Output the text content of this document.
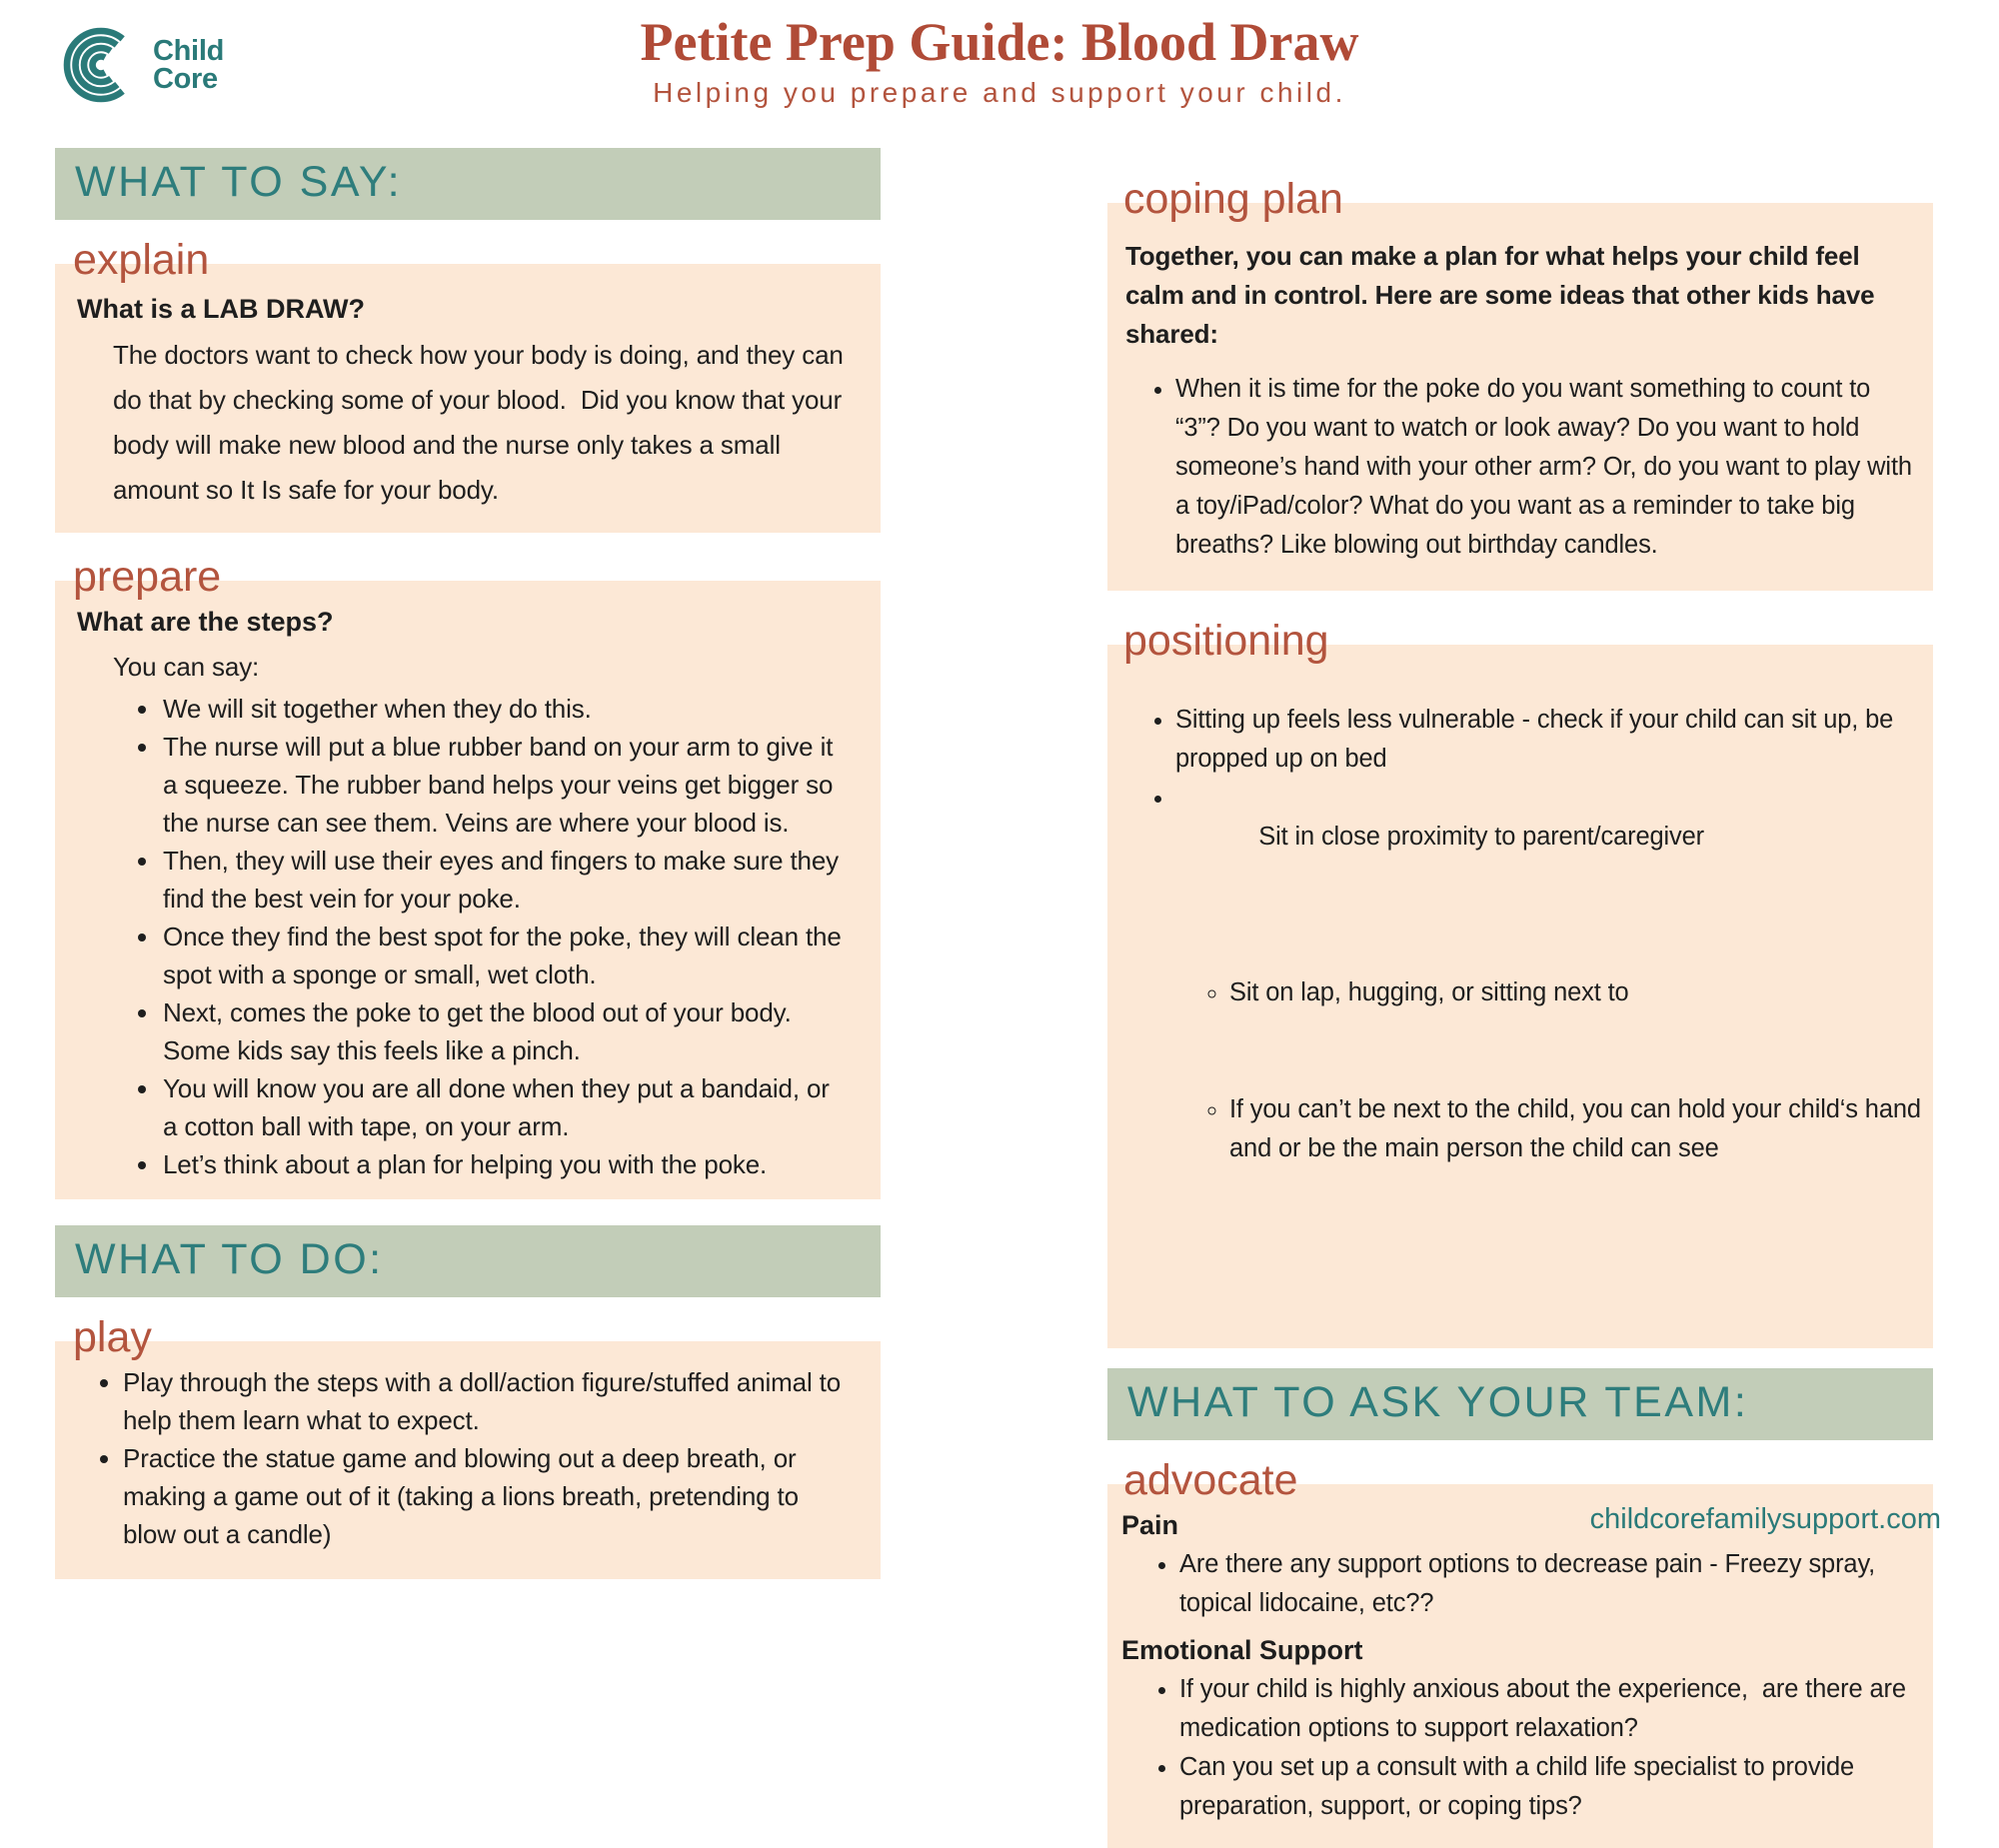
Child
Core
Petite Prep Guide: Blood Draw
Helping you prepare and support your child.
WHAT TO SAY:
explain
What is a LAB DRAW?

The doctors want to check how your body is doing, and they can do that by checking some of your blood.  Did you know that your body will make new blood and the nurse only takes a small amount so It Is safe for your body.

prepare
What are the steps?

You can say:

• We will sit together when they do this.
• The nurse will put a blue rubber band on your arm to give it a squeeze. The rubber band helps your veins get bigger so the nurse can see them. Veins are where your blood is.
• Then, they will use their eyes and fingers to make sure they find the best vein for your poke.
• Once they find the best spot for the poke, they will clean the spot with a sponge or small, wet cloth.
• Next, comes the poke to get the blood out of your body. Some kids say this feels like a pinch.
• You will know you are all done when they put a bandaid, or a cotton ball with tape, on your arm.
• Let’s think about a plan for helping you with the poke.
WHAT TO DO:
play
• Play through the steps with a doll/action figure/stuffed animal to help them learn what to expect.
• Practice the statue game and blowing out a deep breath, or making a game out of it (taking a lions breath, pretending to blow out a candle)
coping plan

Together, you can make a plan for what helps your child feel calm and in control. Here are some ideas that other kids have shared:

• When it is time for the poke do you want something to count to “3”? Do you want to watch or look away? Do you want to hold someone’s hand with your other arm? Or, do you want to play with a toy/iPad/color? What do you want as a reminder to take big breaths? Like blowing out birthday candles.
positioning
• Sitting up feels less vulnerable - check if your child can sit up, be propped up on bed

• Sit in close proximity to parent/caregiver

◦ Sit on lap, hugging, or sitting next to

◦ If you can’t be next to the child, you can hold your child‘s hand and or be the main person the child can see

WHAT TO ASK YOUR TEAM:
advocate
Pain
• Are there any support options to decrease pain - Freezy spray, topical lidocaine, etc??
Emotional Support
• If your child is highly anxious about the experience,  are there are medication options to support relaxation?
• Can you set up a consult with a child life specialist to provide preparation, support, or coping tips?
childcorefamilysupport.com
